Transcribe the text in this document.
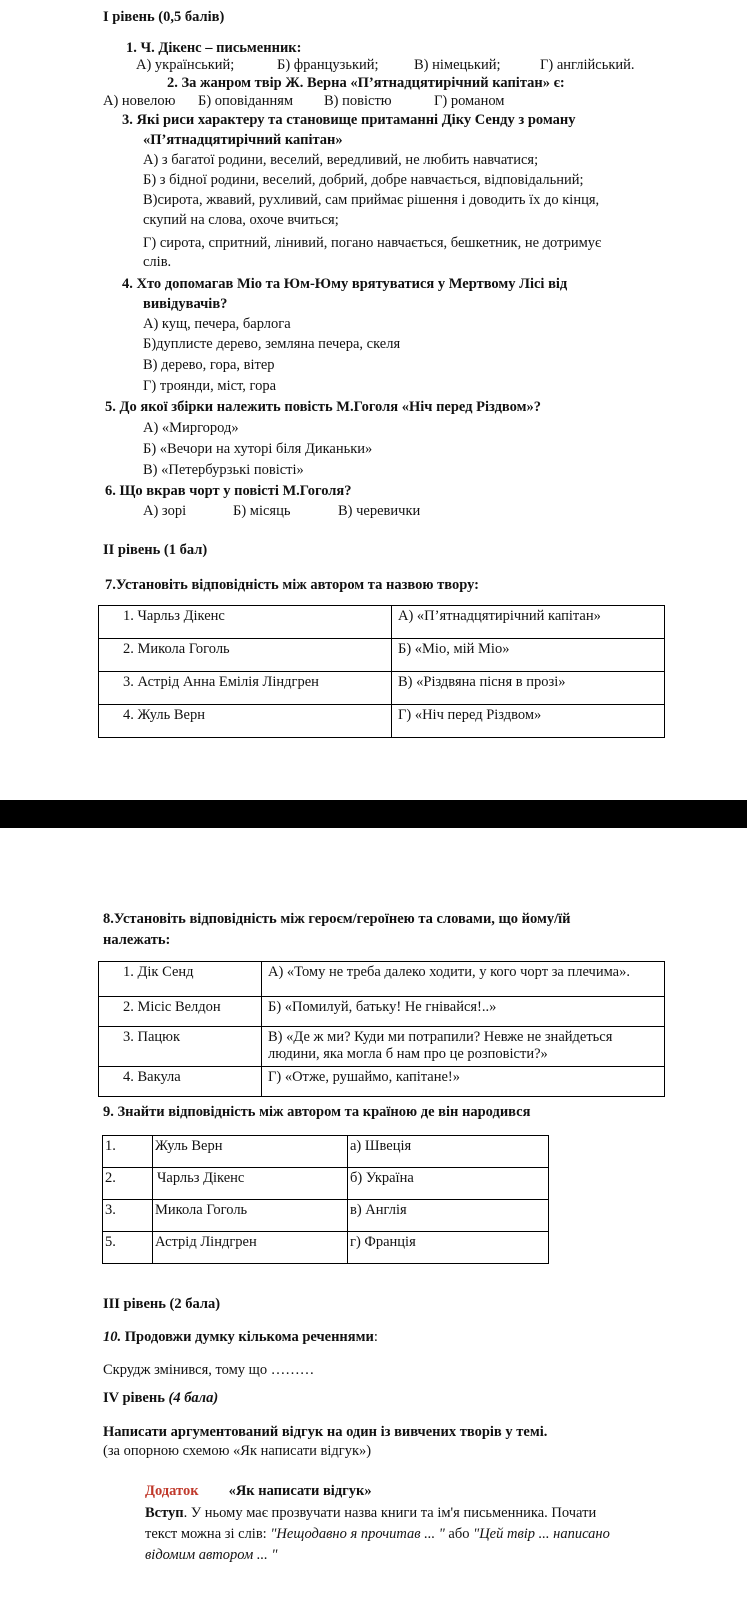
І рівень (0,5 балів)
1. Ч. Дікенс – письменник:
А) український;	Б) французький; В) німецький;	Г) англійський.
2. За жанром твір Ж. Верна «П’ятнадцятирічний капітан» є:
А) новелою Б) оповіданням В) повістю	Г) романом
3. Які риси характеру та становище притаманні Діку Сенду з роману
«П’ятнадцятирічний капітан»
А) з багатої родини, веселий, вередливий, не любить навчатися;
Б) з бідної родини, веселий, добрий, добре навчається, відповідальний;
В)сирота, жвавий, рухливий, сам приймає рішення і доводить їх до кінця,
скупий на слова, охоче вчиться;
Г) сирота, спритний, лінивий, погано навчається, бешкетник, не дотримує
слів.
4. Хто допомагав Міо та Юм-Юму врятуватися у Мертвому Лісі від
вивідувачів?
А) кущ, печера, барлога
Б)дуплисте дерево, земляна печера, скеля
В) дерево, гора, вітер
Г) троянди, міст, гора
5. До якої збірки належить повість М.Гоголя «Ніч перед Різдвом»?
А) «Миргород»
Б) «Вечори на хуторі біля Диканьки»
В) «Петербурзькі повісті»
6. Що вкрав чорт у повісті М.Гоголя?
А) зорі	Б) місяць	В) черевички
ІІ рівень (1 бал)
7.Установіть відповідність між автором та назвою твору:
1. Чарльз Дікенс	А) «П’ятнадцятирічний капітан»
2. Микола Гоголь	Б) «Міо, мій Міо»
3. Астрід Анна Емілія Ліндгрен	В) «Різдвяна пісня в прозі»
4. Жуль Верн	Г) «Ніч перед Різдвом»
8.Установіть відповідність між героєм/героїнею та словами, що йому/їй
належать:
1. Дік Сенд	А) «Тому не треба далеко ходити, у кого чорт за плечима».
2. Місіс Велдон	Б) «Помилуй, батьку! Не гнівайся!..»
3. Пацюк	В) «Де ж ми? Куди ми потрапили? Невже не знайдеться людини, яка могла б нам про це розповісти?»
4. Вакула	Г) «Отже, рушаймо, капітане!»
9. Знайти відповідність між автором та країною де він народився
1.	Жуль Верн	а) Швеція
2.	Чарльз Дікенс	б) Україна
3.	Микола Гоголь	в) Англія
5.	Астрід Ліндгрен	г) Франція
ІІІ рівень (2 бала)
10. Продовжи думку кількома реченнями:
Скрудж змінився, тому що ………
ІV рівень (4 бала)
Написати аргументований відгук на один із вивчених творів у темі.
(за опорною схемою «Як написати відгук»)
Додаток «Як написати відгук»
Вступ. У ньому має прозвучати назва книги та ім'я письменника. Почати
текст можна зі слів: "Нещодавно я прочитав ... " або "Цей твір ... написано
відомим автором ... "
